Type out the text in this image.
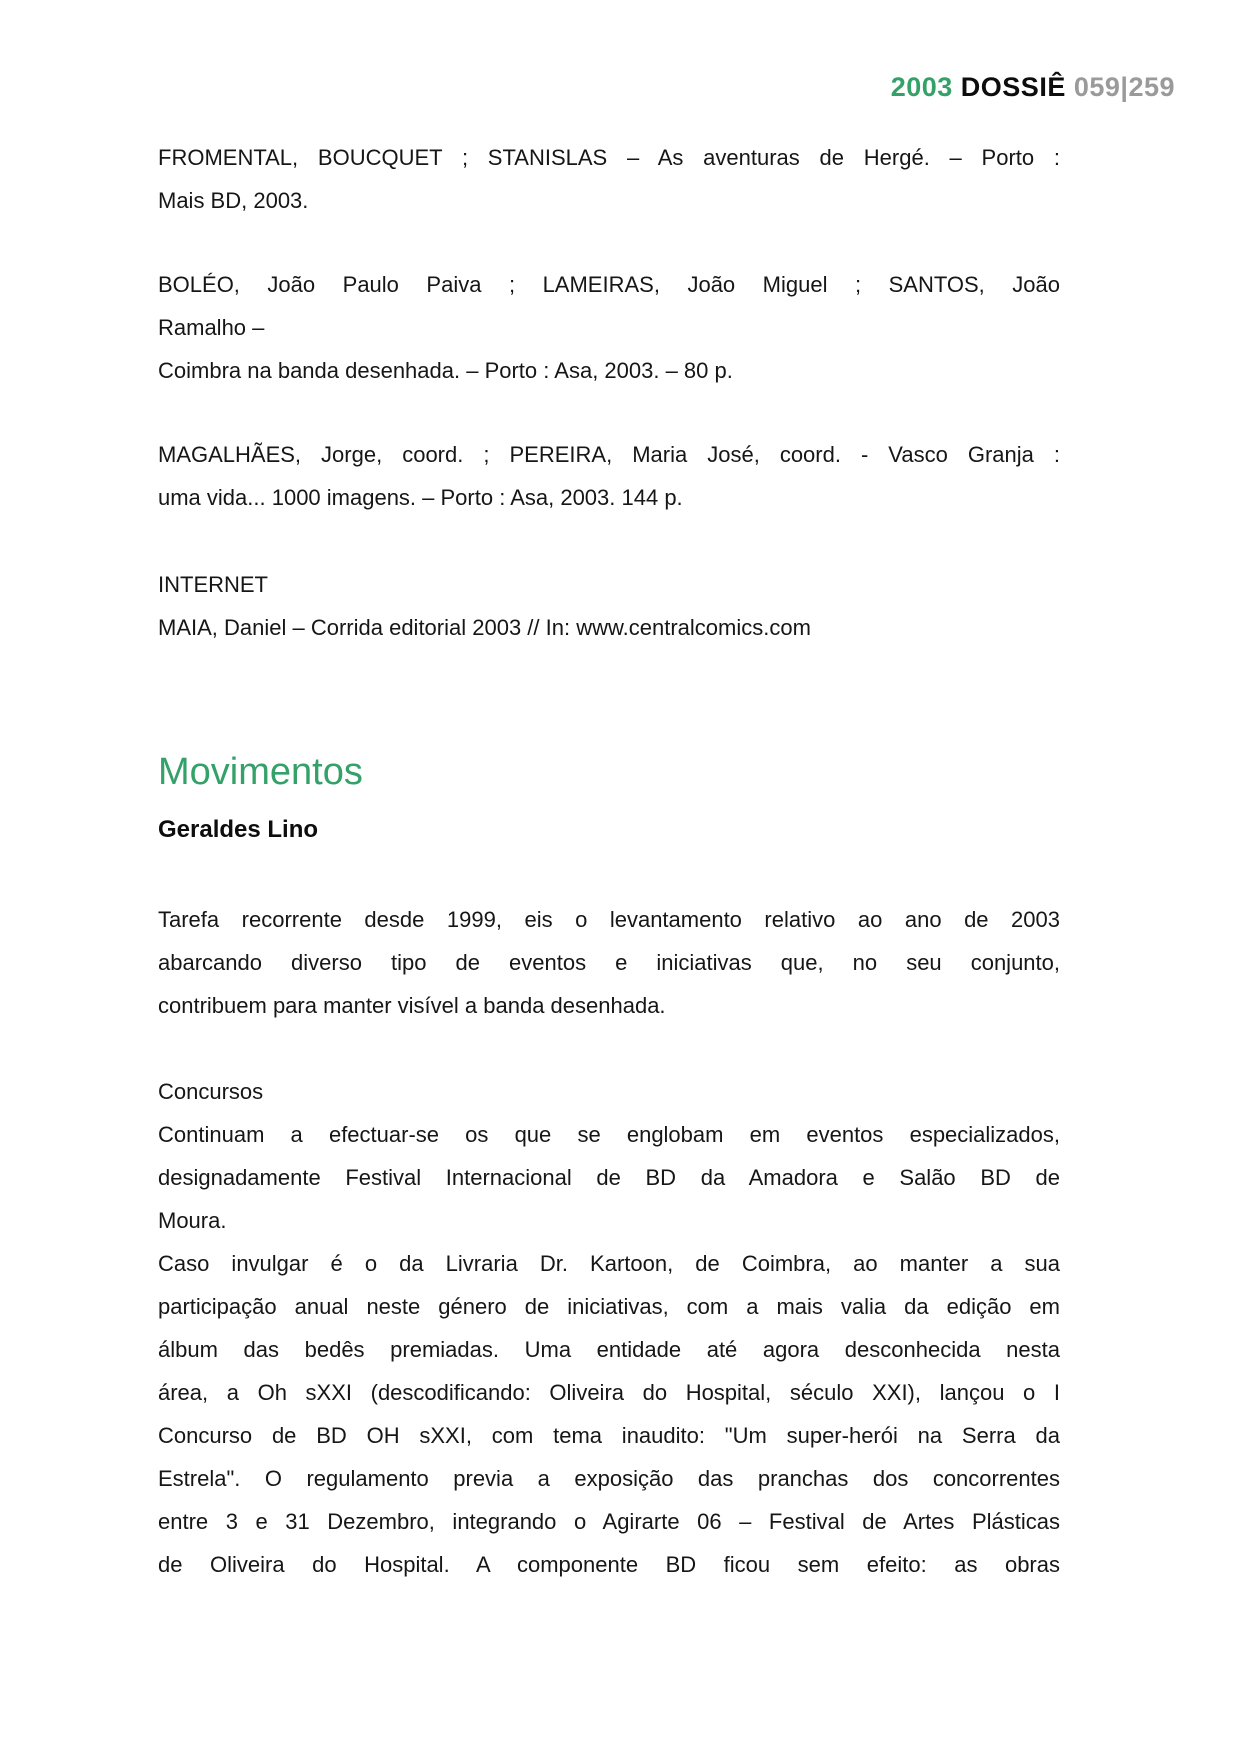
2003 DOSSIÊ 059|259
FROMENTAL, BOUCQUET ; STANISLAS – As aventuras de Hergé. – Porto :
Mais BD, 2003.
BOLÉO, João Paulo Paiva ; LAMEIRAS, João Miguel ; SANTOS, João
Ramalho –
Coimbra na banda desenhada. – Porto : Asa, 2003. – 80 p.
MAGALHÃES, Jorge, coord. ; PEREIRA, Maria José, coord. - Vasco Granja :
uma vida... 1000 imagens. – Porto : Asa, 2003. 144 p.
INTERNET
MAIA, Daniel – Corrida editorial 2003 // In: www.centralcomics.com
Movimentos
Geraldes Lino
Tarefa recorrente desde 1999, eis o levantamento relativo ao ano de 2003
abarcando diverso tipo de eventos e iniciativas que, no seu conjunto,
contribuem para manter visível a banda desenhada.
Concursos
Continuam a efectuar-se os que se englobam em eventos especializados,
designadamente Festival Internacional de BD da Amadora e Salão BD de
Moura.
Caso invulgar é o da Livraria Dr. Kartoon, de Coimbra, ao manter a sua
participação anual neste género de iniciativas, com a mais valia da edição em
álbum das bedês premiadas. Uma entidade até agora desconhecida nesta
área, a Oh sXXI (descodificando: Oliveira do Hospital, século XXI), lançou o I
Concurso de BD OH sXXI, com tema inaudito: "Um super-herói na Serra da
Estrela". O regulamento previa a exposição das pranchas dos concorrentes
entre 3 e 31 Dezembro, integrando o Agirarte 06 – Festival de Artes Plásticas
de Oliveira do Hospital. A componente BD ficou sem efeito: as obras
